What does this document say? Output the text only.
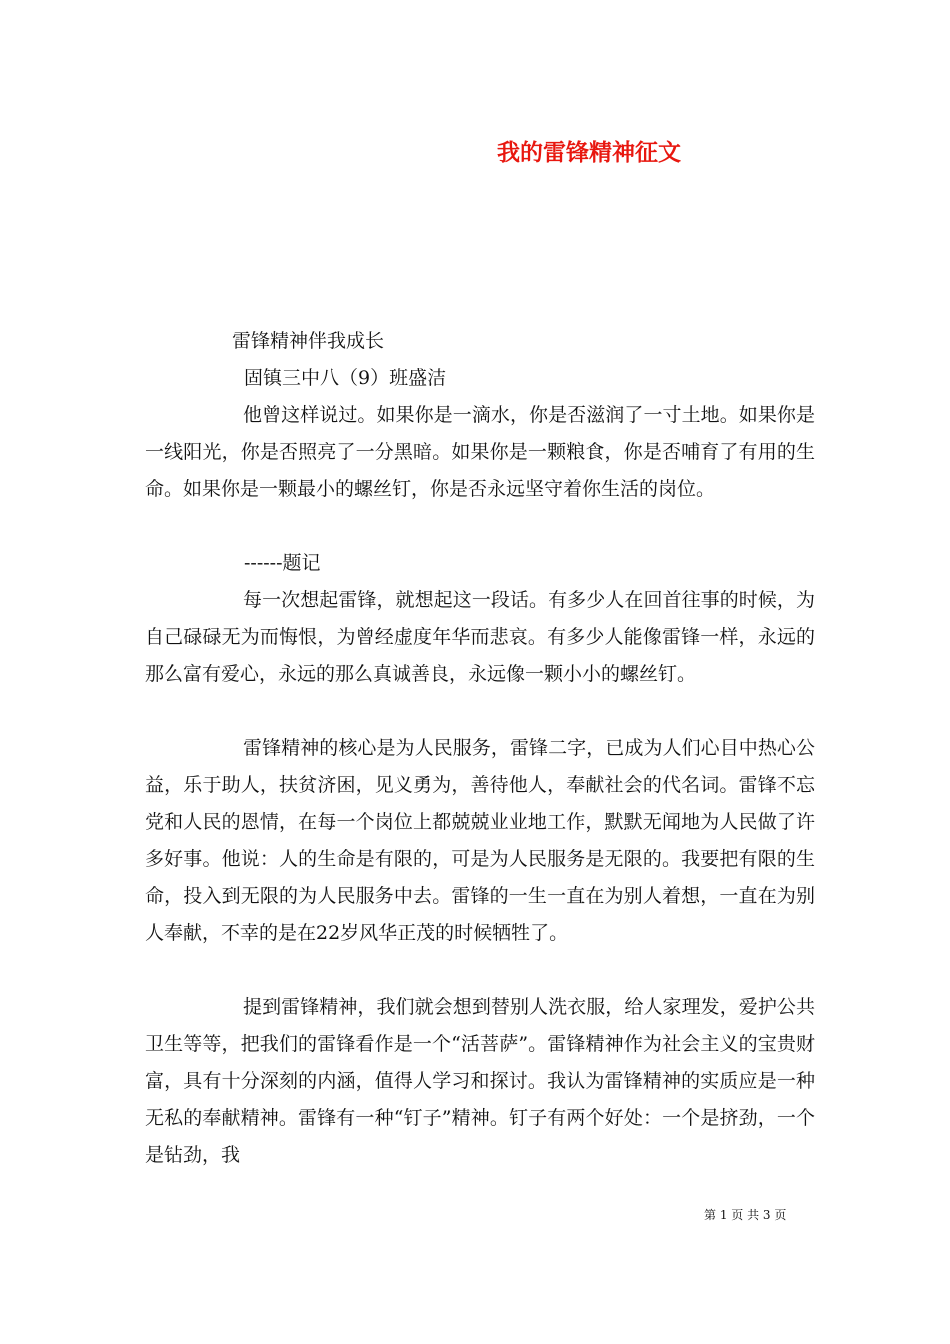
我的雷锋精神征文
雷锋精神伴我成长
固镇三中八（9）班盛洁

他曾这样说过。如果你是一滴水，你是否滋润了一寸土地。如果你是一线阳光，你是否照亮了一分黑暗。如果你是一颗粮食，你是否哺育了有用的生命。如果你是一颗最小的螺丝钉，你是否永远坚守着你生活的岗位。

------题记

每一次想起雷锋，就想起这一段话。有多少人在回首往事的时候，为自己碌碌无为而悔恨，为曾经虚度年华而悲哀。有多少人能像雷锋一样，永远的那么富有爱心，永远的那么真诚善良，永远像一颗小小的螺丝钉。

雷锋精神的核心是为人民服务，雷锋二字，已成为人们心目中热心公益，乐于助人，扶贫济困，见义勇为，善待他人，奉献社会的代名词。雷锋不忘党和人民的恩情，在每一个岗位上都兢兢业业地工作，默默无闻地为人民做了许多好事。他说：人的生命是有限的，可是为人民服务是无限的。我要把有限的生命，投入到无限的为人民服务中去。雷锋的一生一直在为别人着想，一直在为别人奉献，不幸的是在22岁风华正茂的时候牺牲了。

提到雷锋精神，我们就会想到替别人洗衣服，给人家理发，爱护公共卫生等等，把我们的雷锋看作是一个“活菩萨”。雷锋精神作为社会主义的宝贵财富，具有十分深刻的内涵，值得人学习和探讨。我认为雷锋精神的实质应是一种无私的奉献精神。雷锋有一种“钉子”精神。钉子有两个好处：一个是挤劲，一个是钻劲，我

第 1 页 共 3 页
